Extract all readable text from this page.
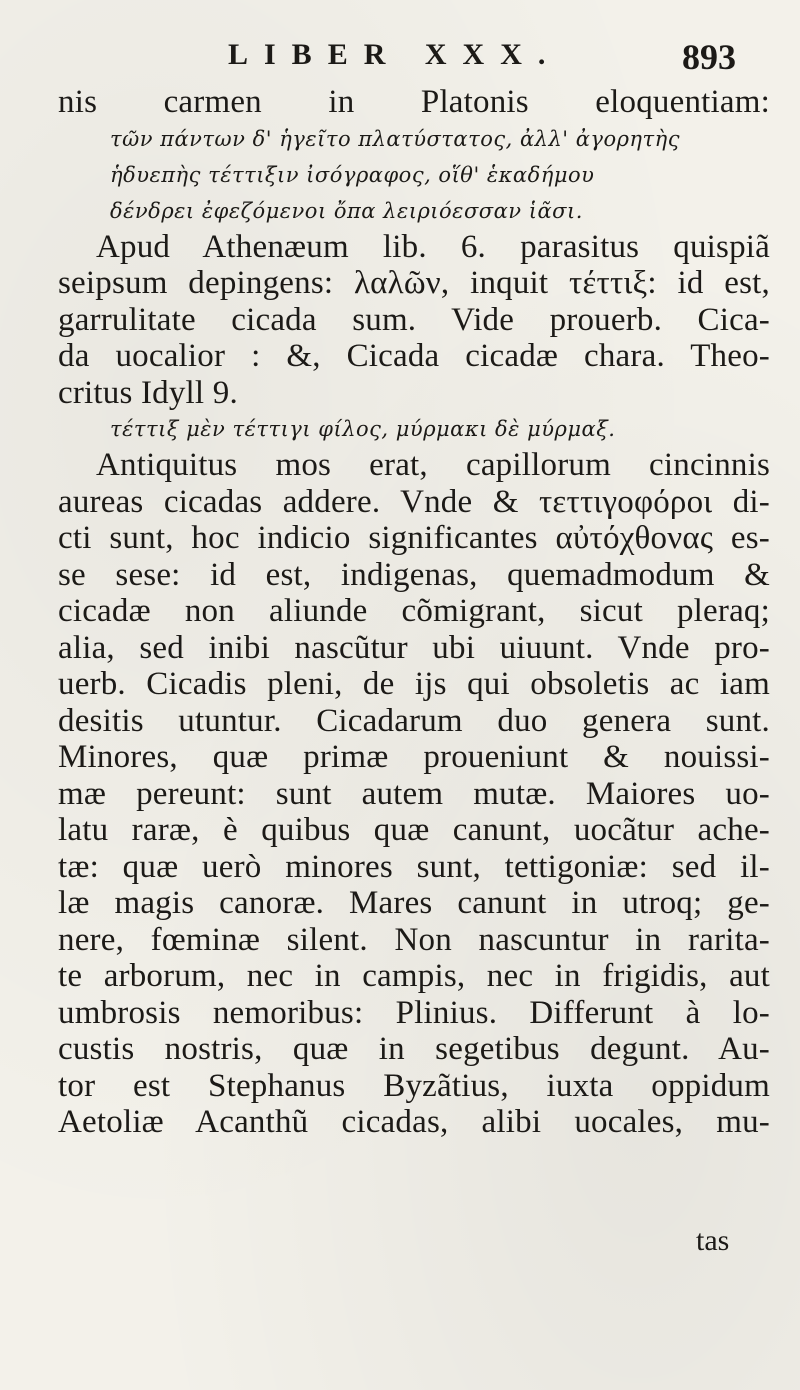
LIBER XXX.	893
nis carmen in Platonis eloquentiam:
τῶν πάντων δ' ἡγεῖτο πλατύστατος, ἀλλ' ἀγορητὴς
ἡδυεπὴς τέττιξιν ἰσόγραφος, οἵθ' ἑκαδήμου
δένδρει ἐφεζόμενοι ὄπα λειριόεσσαν ἱᾶσι.
Apud Athenæum lib. 6. parasitus quispiã
seipsum depingens: λαλῶν, inquit τέττιξ: id est,
garrulitate cicada sum. Vide prouerb. Cica-
da uocalior : &, Cicada cicadæ chara. Theo-
critus Idyll 9.
τέττιξ μὲν τέττιγι φίλος, μύρμακι δὲ μύρμαξ.
Antiquitus mos erat, capillorum cincinnis
aureas cicadas addere. Vnde & τεττιγοφόροι di-
cti sunt, hoc indicio significantes αὐτόχθονας es-
se sese: id est, indigenas, quemadmodum &
cicadæ non aliunde cõmigrant, sicut pleraq;
alia, sed inibi nascũtur ubi uiuunt. Vnde pro-
uerb. Cicadis pleni, de ijs qui obsoletis ac iam
desitis utuntur. Cicadarum duo genera sunt.
Minores, quæ primæ proueniunt & nouissi-
mæ pereunt: sunt autem mutæ. Maiores uo-
latu raræ, è quibus quæ canunt, uocãtur ache-
tæ: quæ uerò minores sunt, tettigoniæ: sed il-
læ magis canoræ. Mares canunt in utroq; ge-
nere, fœminæ silent. Non nascuntur in rarita-
te arborum, nec in campis, nec in frigidis, aut
umbrosis nemoribus: Plinius. Differunt à lo-
custis nostris, quæ in segetibus degunt. Au-
tor est Stephanus Byzãtius, iuxta oppidum
Aetoliæ Acanthũ cicadas, alibi uocales, mu-
tas
